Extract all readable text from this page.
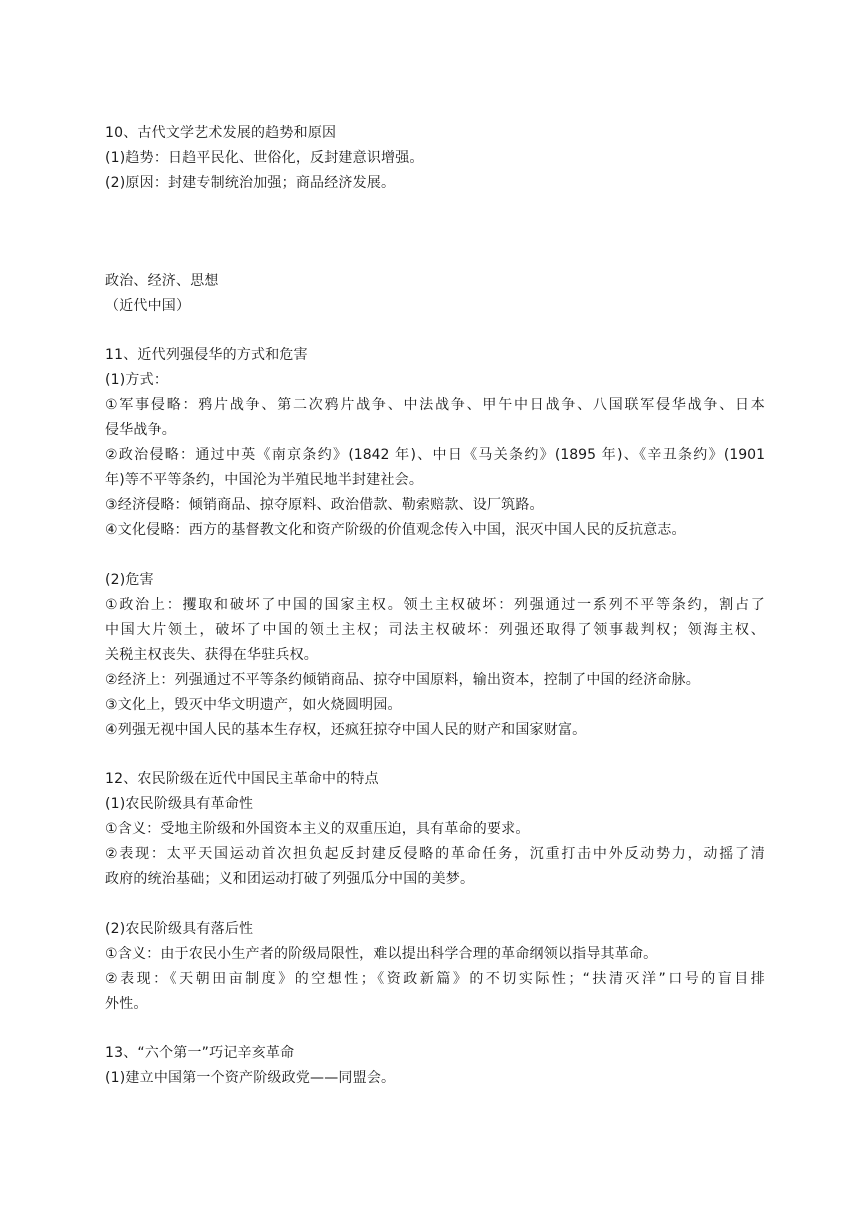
10、古代文学艺术发展的趋势和原因
(1)趋势：日趋平民化、世俗化，反封建意识增强。
(2)原因：封建专制统治加强；商品经济发展。
政治、经济、思想
（近代中国）
11、近代列强侵华的方式和危害
(1)方式：
①军事侵略：鸦片战争、第二次鸦片战争、中法战争、甲午中日战争、八国联军侵华战争、日本
侵华战争。
②政治侵略：通过中英《南京条约》(1842 年)、中日《马关条约》(1895 年)、《辛丑条约》(1901
年)等不平等条约，中国沦为半殖民地半封建社会。
③经济侵略：倾销商品、掠夺原料、政治借款、勒索赔款、设厂筑路。
④文化侵略：西方的基督教文化和资产阶级的价值观念传入中国，泯灭中国人民的反抗意志。
(2)危害
①政治上：攫取和破坏了中国的国家主权。领土主权破坏：列强通过一系列不平等条约，割占了
中国大片领土，破坏了中国的领土主权；司法主权破坏：列强还取得了领事裁判权；领海主权、
关税主权丧失、获得在华驻兵权。
②经济上：列强通过不平等条约倾销商品、掠夺中国原料，输出资本，控制了中国的经济命脉。
③文化上，毁灭中华文明遗产，如火烧圆明园。
④列强无视中国人民的基本生存权，还疯狂掠夺中国人民的财产和国家财富。
12、农民阶级在近代中国民主革命中的特点
(1)农民阶级具有革命性
①含义：受地主阶级和外国资本主义的双重压迫，具有革命的要求。
②表现：太平天国运动首次担负起反封建反侵略的革命任务，沉重打击中外反动势力，动摇了清
政府的统治基础；义和团运动打破了列强瓜分中国的美梦。
(2)农民阶级具有落后性
①含义：由于农民小生产者的阶级局限性，难以提出科学合理的革命纲领以指导其革命。
②表现：《天朝田亩制度》的空想性；《资政新篇》的不切实际性；“扶清灭洋”口号的盲目排
外性。
13、“六个第一”巧记辛亥革命
(1)建立中国第一个资产阶级政党——同盟会。
